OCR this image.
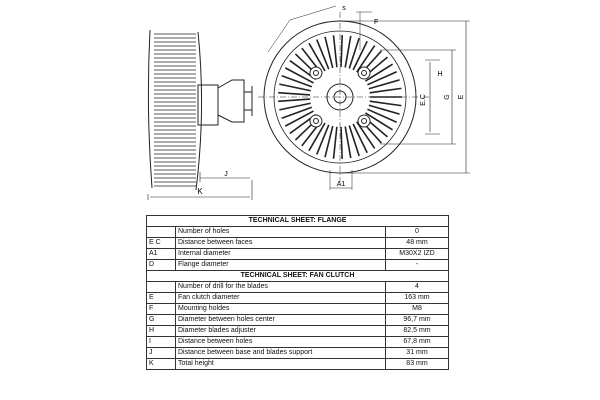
K
J
s
F
A1
H
E.C G E
TECHNICAL SHEET: FLANGE		
	Number of holes	0
E C	Distance between faces	48 mm
A1	Internal diameter	M30X2 IZD
D	Flange diameter	-
TECHNICAL SHEET: FAN CLUTCH		
	Number of drill for the blades	4
E	Fan clutch diameter	163 mm
F	Mounting holdes	M8
G	Diameter between holes center	96,7 mm
H	Diameter blades adjuster	82,5 mm
I	Distance between holes	67,8 mm
J	Distance between base and blades support	31 mm
K	Total height	83 mm
